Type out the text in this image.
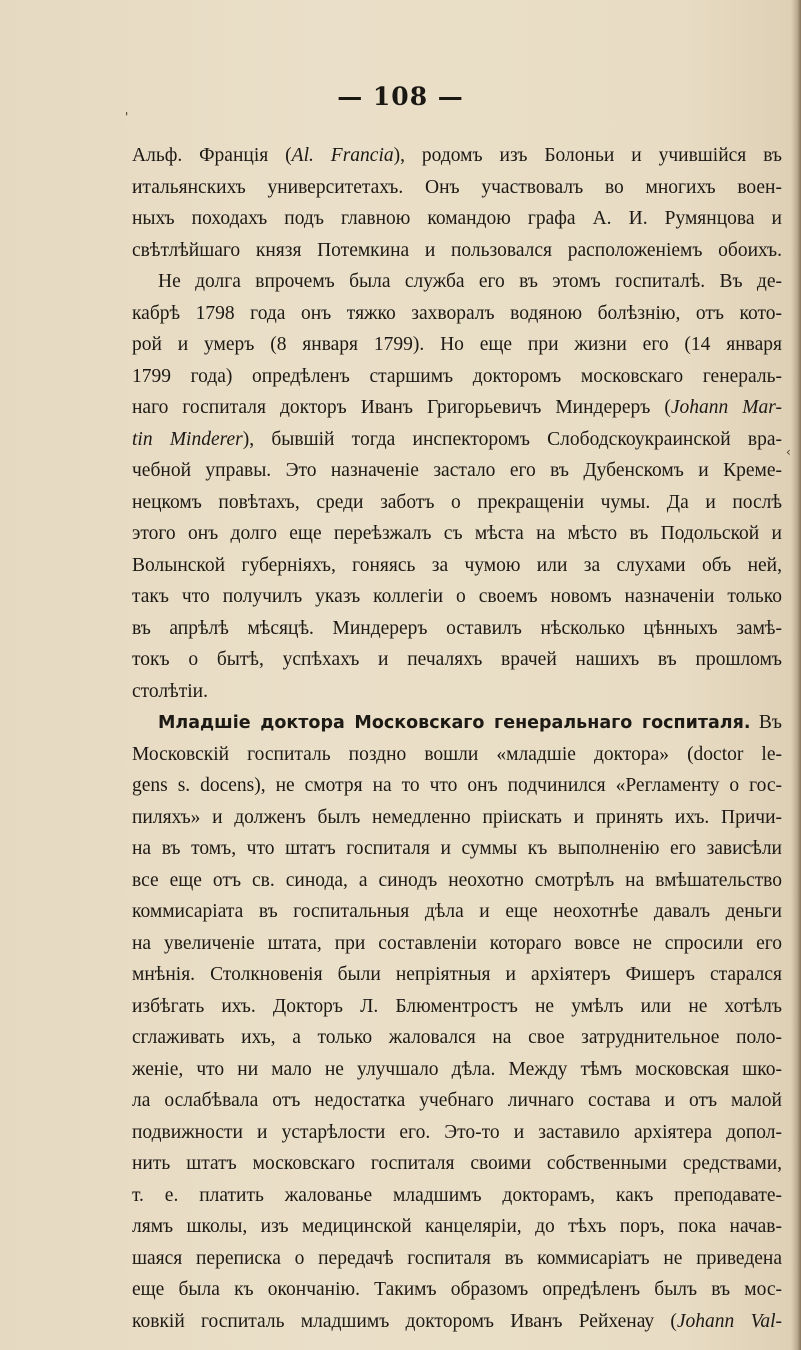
— 108 —
'
‹
Альф. Францiя (Al. Francia), родомъ изъ Болоньи и учившiйся въ
итальянскихъ университетахъ. Онъ участвовалъ во многихъ воен-
ныхъ походахъ подъ главною командою графа А. И. Румянцова и
свѣтлѣйшаго князя Потемкина и пользовался расположенiемъ обоихъ.
Не долга впрочемъ была служба его въ этомъ госпиталѣ. Въ де-
кабрѣ 1798 года онъ тяжко захворалъ водяною болѣзнiю, отъ кото-
рой и умеръ (8 января 1799). Но еще при жизни его (14 января
1799 года) опредѣленъ старшимъ докторомъ московскаго генераль-
наго госпиталя докторъ Иванъ Григорьевичъ Миндереръ (Johann Mar-
tin Minderer), бывшiй тогда инспекторомъ Слободскоукраинской вра-
чебной управы. Это назначенiе застало его въ Дубенскомъ и Кремe-
нецкомъ повѣтахъ, среди заботъ о прекращенiи чумы. Да и послѣ
этого онъ долго еще переѣзжалъ съ мѣста на мѣсто въ Подольской и
Волынской губернiяхъ, гоняясь за чумою или за слухами объ ней,
такъ что получилъ указъ коллегiи о своемъ новомъ назначенiи только
въ апрѣлѣ мѣсяцѣ. Миндереръ оставилъ нѣсколько цѣнныхъ замѣ-
токъ о бытѣ, успѣхахъ и печаляхъ врачей нашихъ въ прошломъ
столѣтiи.
Младшiе доктора Московскаго генеральнаго госпиталя. Въ
Московскiй госпиталь поздно вошли «младшiе доктора» (doctor le-
gens s. docens), не смотря на то что онъ подчинился «Регламенту о гос-
пиляхъ» и долженъ былъ немедленно прiискать и принять ихъ. Причи-
на въ томъ, что штатъ госпиталя и суммы къ выполненiю его зависѣли
все еще отъ св. синода, а синодъ неохотно смотрѣлъ на вмѣшательство
коммисарiата въ госпитальныя дѣла и еще неохотнѣе давалъ деньги
на увеличенiе штата, при составленiи котораго вовсе не спросили его
мнѣнiя. Столкновенiя были непрiятныя и архiятеръ Фишеръ старался
избѣгать ихъ. Докторъ Л. Блюментростъ не умѣлъ или не хотѣлъ
сглаживать ихъ, а только жаловался на свое затруднительное поло-
женiе, что ни мало не улучшало дѣла. Между тѣмъ московская шко-
ла ослабѣвала отъ недостатка учебнаго личнаго состава и отъ малой
подвижности и устарѣлости его. Это-то и заставило архiятера допол-
нить штатъ московскаго госпиталя своими собственными средствами,
т. е. платить жалованье младшимъ докторамъ, какъ преподавате-
лямъ школы, изъ медицинской канцелярiи, до тѣхъ поръ, пока начав-
шаяся переписка о передачѣ госпиталя въ коммисарiатъ не приведена
еще была къ окончанiю. Такимъ образомъ опредѣленъ былъ въ мос-
ковкiй госпиталь младшимъ докторомъ Иванъ Рейхенау (Johann Val-
